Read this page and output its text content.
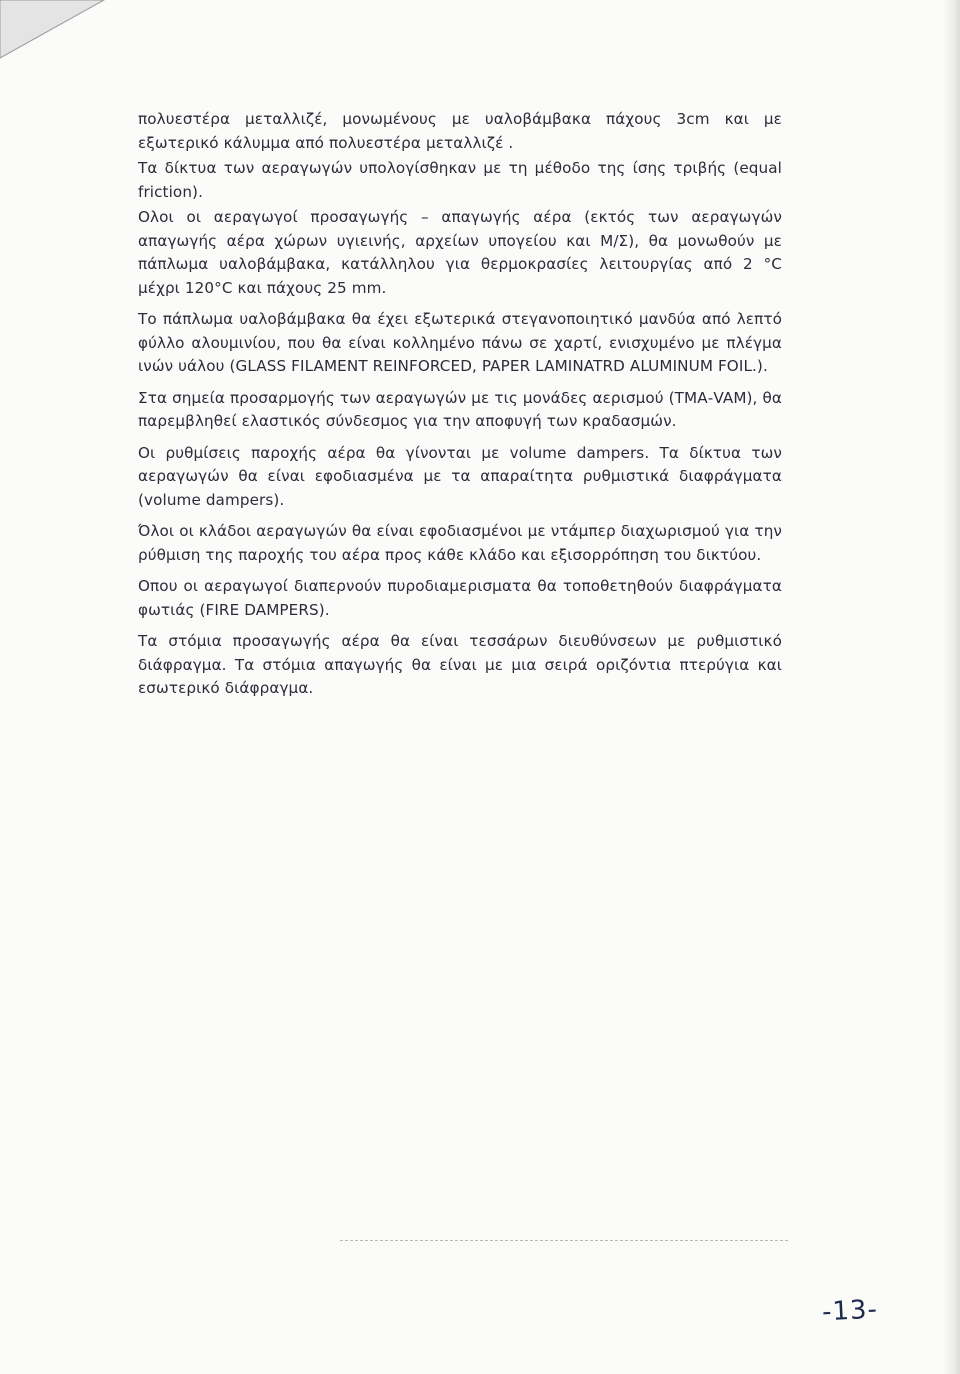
πολυεστέρα μεταλλιζέ, μονωμένους με υαλοβάμβακα πάχους 3cm και με εξωτερικό κάλυμμα από πολυεστέρα μεταλλιζέ .

Τα δίκτυα των αεραγωγών υπολογίσθηκαν με τη μέθοδο της ίσης τριβής (equal friction).

Ολοι οι αεραγωγοί προσαγωγής – απαγωγής αέρα (εκτός των αεραγωγών απαγωγής αέρα χώρων υγιεινής, αρχείων υπογείου και Μ/Σ), θα μονωθούν με πάπλωμα υαλοβάμβακα, κατάλληλου για θερμοκρασίες λειτουργίας από 2 °C μέχρι 120°C και πάχους 25 mm.

Το πάπλωμα υαλοβάμβακα θα έχει εξωτερικά στεγανοποιητικό μανδύα από λεπτό φύλλο αλουμινίου, που θα είναι κολλημένο πάνω σε χαρτί, ενισχυμένο με πλέγμα ινών υάλου (GLASS FILAMENT REINFORCED, PAPER LAMINATRD ALUMINUM FOIL.).

Στα σημεία προσαρμογής των αεραγωγών με τις μονάδες αερισμού (ΤΜΑ-VAM), θα παρεμβληθεί ελαστικός σύνδεσμος για την αποφυγή των κραδασμών.

Οι ρυθμίσεις παροχής αέρα θα γίνονται με volume dampers. Τα δίκτυα των αεραγωγών θα είναι εφοδιασμένα με τα απαραίτητα ρυθμιστικά διαφράγματα (volume dampers).

Όλοι οι κλάδοι αεραγωγών θα είναι εφοδιασμένοι με ντάμπερ διαχωρισμού για την ρύθμιση της παροχής του αέρα προς κάθε κλάδο και εξισορρόπηση του δικτύου.

Οπου οι αεραγωγοί διαπερνούν πυροδιαμερισματα θα τοποθετηθούν διαφράγματα φωτιάς (FIRE DAMPERS).

Τα στόμια προσαγωγής αέρα θα είναι τεσσάρων διευθύνσεων με ρυθμιστικό διάφραγμα. Τα στόμια απαγωγής θα είναι με μια σειρά οριζόντια πτερύγια και εσωτερικό διάφραγμα.

-13-
